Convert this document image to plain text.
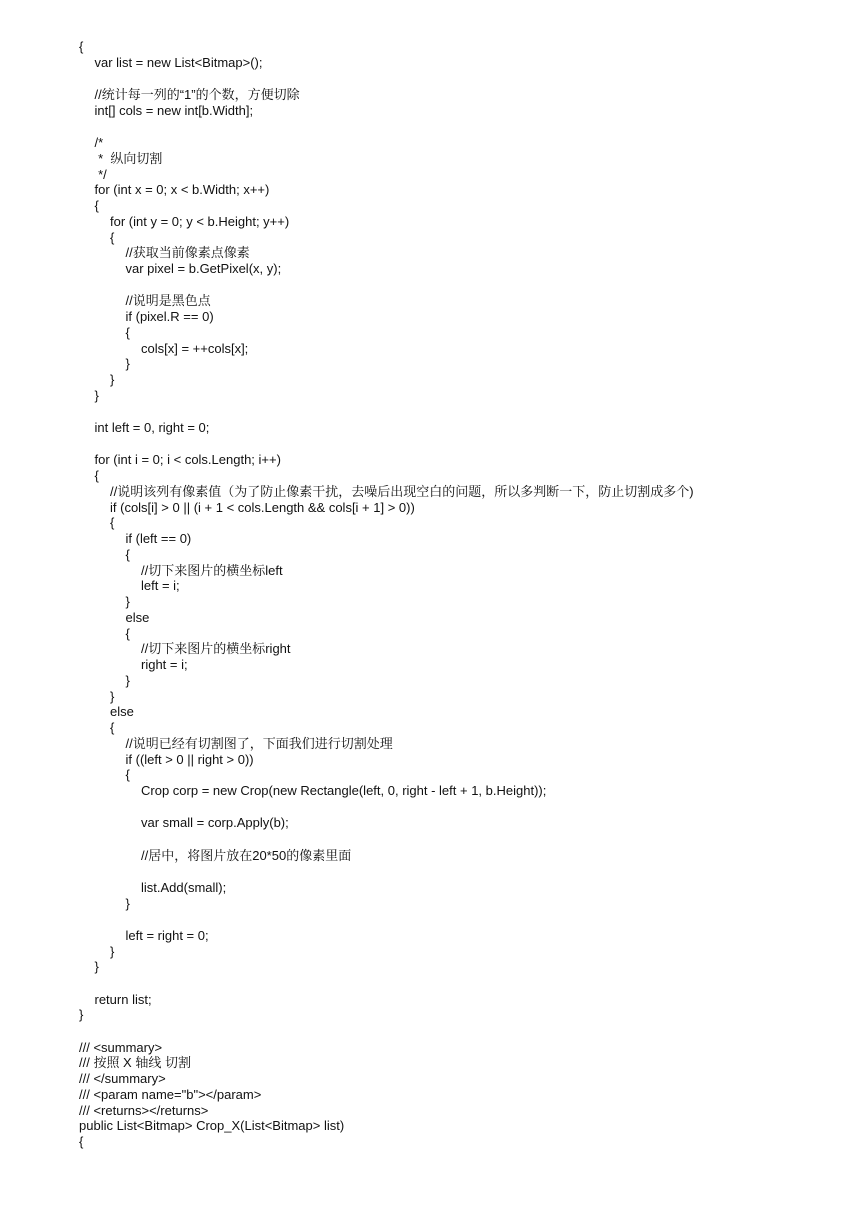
{
var list = new List<Bitmap>();
//统计每一列的“1”的个数，方便切除
int[] cols = new int[b.Width];
/*
*  纵向切割
*/
for (int x = 0; x < b.Width; x++)
{
for (int y = 0; y < b.Height; y++)
{
//获取当前像素点像素
var pixel = b.GetPixel(x, y);
//说明是黑色点
if (pixel.R == 0)
{
cols[x] = ++cols[x];
}
}
}
int left = 0, right = 0;
for (int i = 0; i < cols.Length; i++)
{
//说明该列有像素值（为了防止像素干扰，去噪后出现空白的问题，所以多判断一下，防止切割成多个)
if (cols[i] > 0 || (i + 1 < cols.Length && cols[i + 1] > 0))
{
if (left == 0)
{
//切下来图片的横坐标left
left = i;
}
else
{
//切下来图片的横坐标right
right = i;
}
}
else
{
//说明已经有切割图了，下面我们进行切割处理
if ((left > 0 || right > 0))
{
Crop corp = new Crop(new Rectangle(left, 0, right - left + 1, b.Height));
var small = corp.Apply(b);
//居中，将图片放在20*50的像素里面
list.Add(small);
}
left = right = 0;
}
}
return list;
}
/// <summary>
/// 按照 X 轴线 切割
/// </summary>
/// <param name="b"></param>
/// <returns></returns>
public List<Bitmap> Crop_X(List<Bitmap> list)
{
